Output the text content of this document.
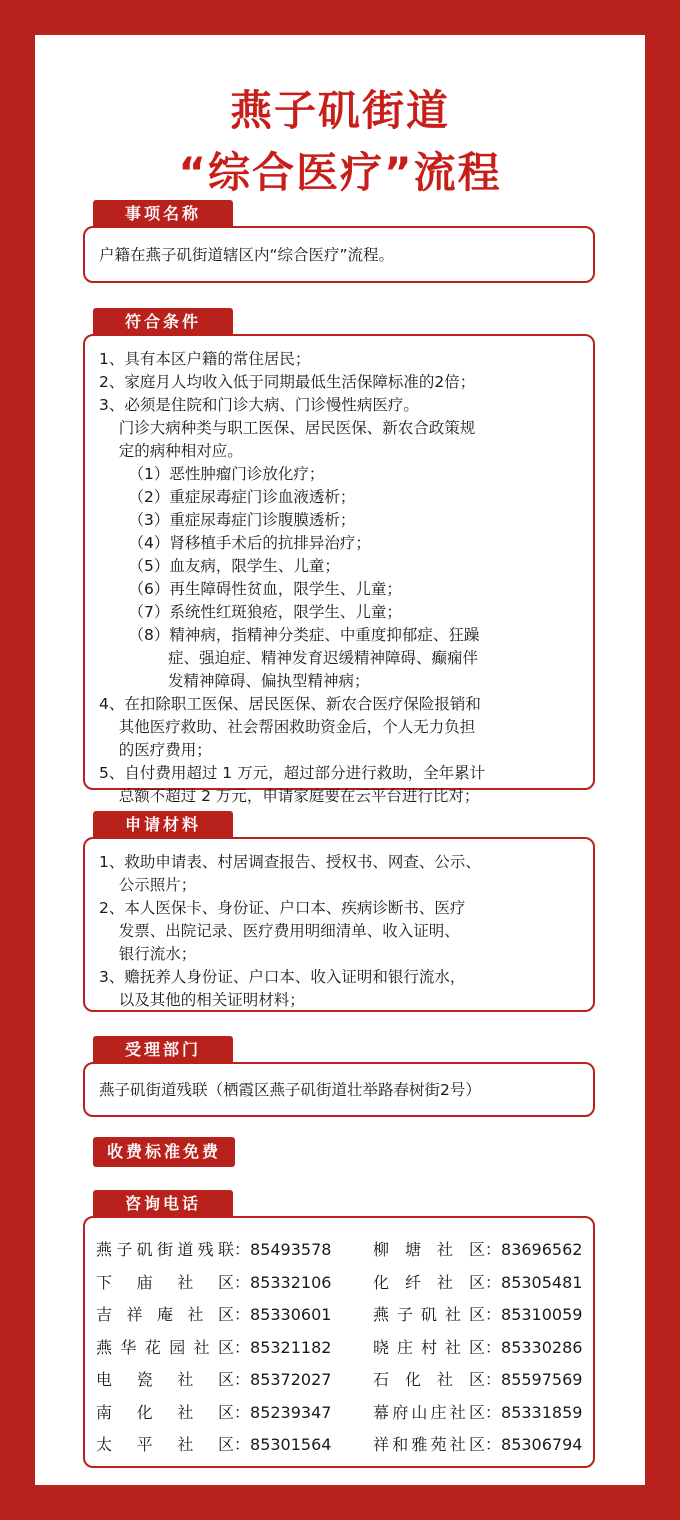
燕子矶街道
“综合医疗”流程
事项名称
户籍在燕子矶街道辖区内“综合医疗”流程。
符合条件
1、具有本区户籍的常住居民；
2、家庭月人均收入低于同期最低生活保障标准的2倍；
3、必须是住院和门诊大病、门诊慢性病医疗。
门诊大病种类与职工医保、居民医保、新农合政策规
定的病种相对应。
（1）恶性肿瘤门诊放化疗；
（2）重症尿毒症门诊血液透析；
（3）重症尿毒症门诊腹膜透析；
（4）肾移植手术后的抗排异治疗；
（5）血友病，限学生、儿童；
（6）再生障碍性贫血，限学生、儿童；
（7）系统性红斑狼疮，限学生、儿童；
（8）精神病，指精神分类症、中重度抑郁症、狂躁
症、强迫症、精神发育迟缓精神障碍、癫痫伴
发精神障碍、偏执型精神病；
4、在扣除职工医保、居民医保、新农合医疗保险报销和
其他医疗救助、社会帮困救助资金后，个人无力负担
的医疗费用；
5、自付费用超过 1 万元，超过部分进行救助，全年累计
总额不超过 2 万元，申请家庭要在云平台进行比对；
申请材料
1、救助申请表、村居调查报告、授权书、网查、公示、
公示照片；
2、本人医保卡、身份证、户口本、疾病诊断书、医疗
发票、出院记录、医疗费用明细清单、收入证明、
银行流水；
3、赡抚养人身份证、户口本、收入证明和银行流水，
以及其他的相关证明材料；
受理部门
燕子矶街道残联（栖霞区燕子矶街道壮举路春树街2号）
收费标准免费
咨询电话
燕子矶街道残联：85493578
下庙社区：85332106
吉祥庵社区：85330601
燕华花园社区：85321182
电瓷社区：85372027
南化社区：85239347
太平社区：85301564
柳塘社区：83696562
化纤社区：85305481
燕子矶社区：85310059
晓庄村社区：85330286
石化社区：85597569
幕府山庄社区：85331859
祥和雅苑社区：85306794
